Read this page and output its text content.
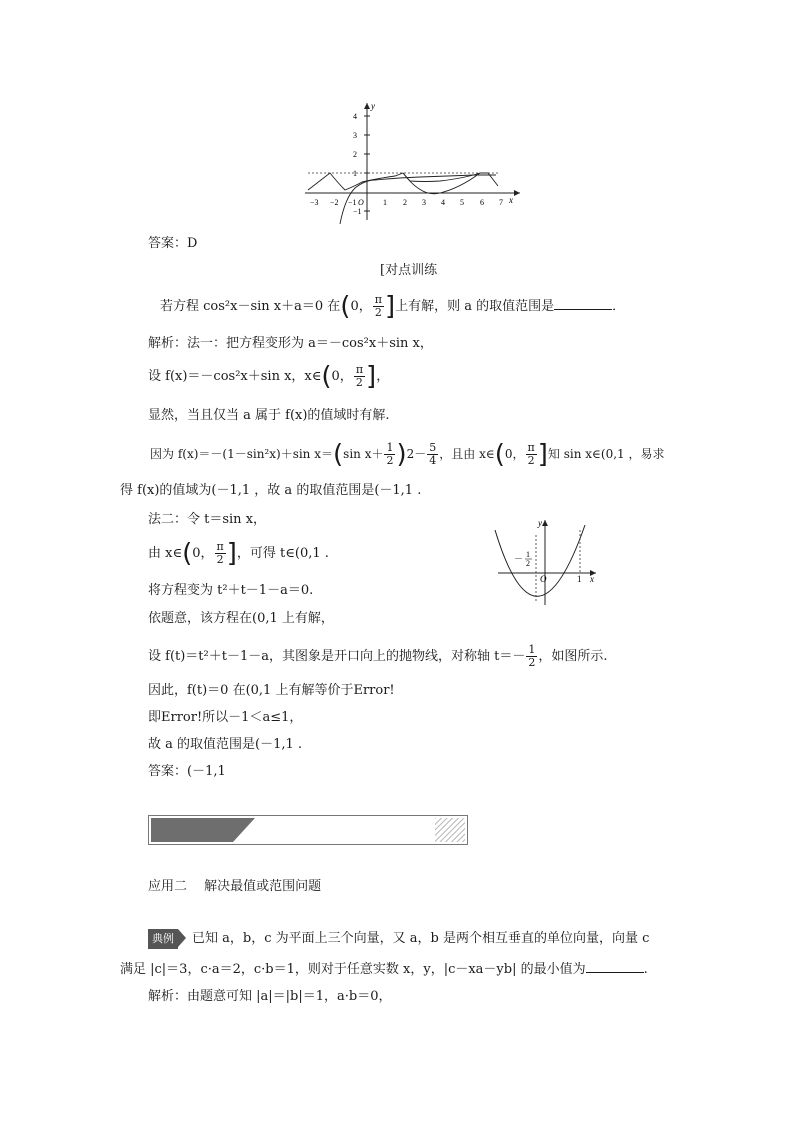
y
x
4
3
2
1
−1
−3 −2 −1 O 1 2 3 4 5 6 7
答案：D
[对点训练
若方程 cos²x－sin x＋a＝0 在(0， $\frac{\pi}{2}$ ]上有解，则 a 的取值范围是	．
解析：法一：把方程变形为 a＝－cos²x＋sin x，
设 f(x)＝－cos²x＋sin x，x∈(0， $\frac{\pi}{2}$ ]，
显然，当且仅当 a 属于 f(x)的值域时有解.
因为 f(x)＝－(1－sin²x)＋sin x＝(sin $x+ \frac{1}{2} )2- \frac{5}{4}$ ，且由 x∈(0， $\frac{\pi}{2}$ ]知 sin x∈(0,1 ，易求
得 f(x)的值域为(－1,1 ，故 a 的取值范围是(－1,1 .
法二：令 t＝sin x，
由 x∈(0， $\frac{\pi}{2}$ ]，可得 t∈(0,1 .
将方程变为 t²＋t－1－a＝0.
依题意，该方程在(0,1 上有解，
设 f(t)＝t²＋t－1－a，其图象是开口向上的抛物线，对称轴 $t=- \frac{1}{2}$ ，如图所示.
因此，f(t)＝0 在(0,1 上有解等价于Error!
即Error!所以－1＜a≤1，
故 a 的取值范围是(－1,1 .
答案：(－1,1
y
x
O	1
－ 1
2
应用二　 解决最值或范围问题
典例 已知 a，b，c 为平面上三个向量，又 a，b 是两个相互垂直的单位向量，向量 c
满足 |c|＝3，c·a＝2，c·b＝1，则对于任意实数 x，y，|c－xa－yb| 的最小值为	.
解析：由题意可知 |a|＝|b|＝1，a·b＝0，
